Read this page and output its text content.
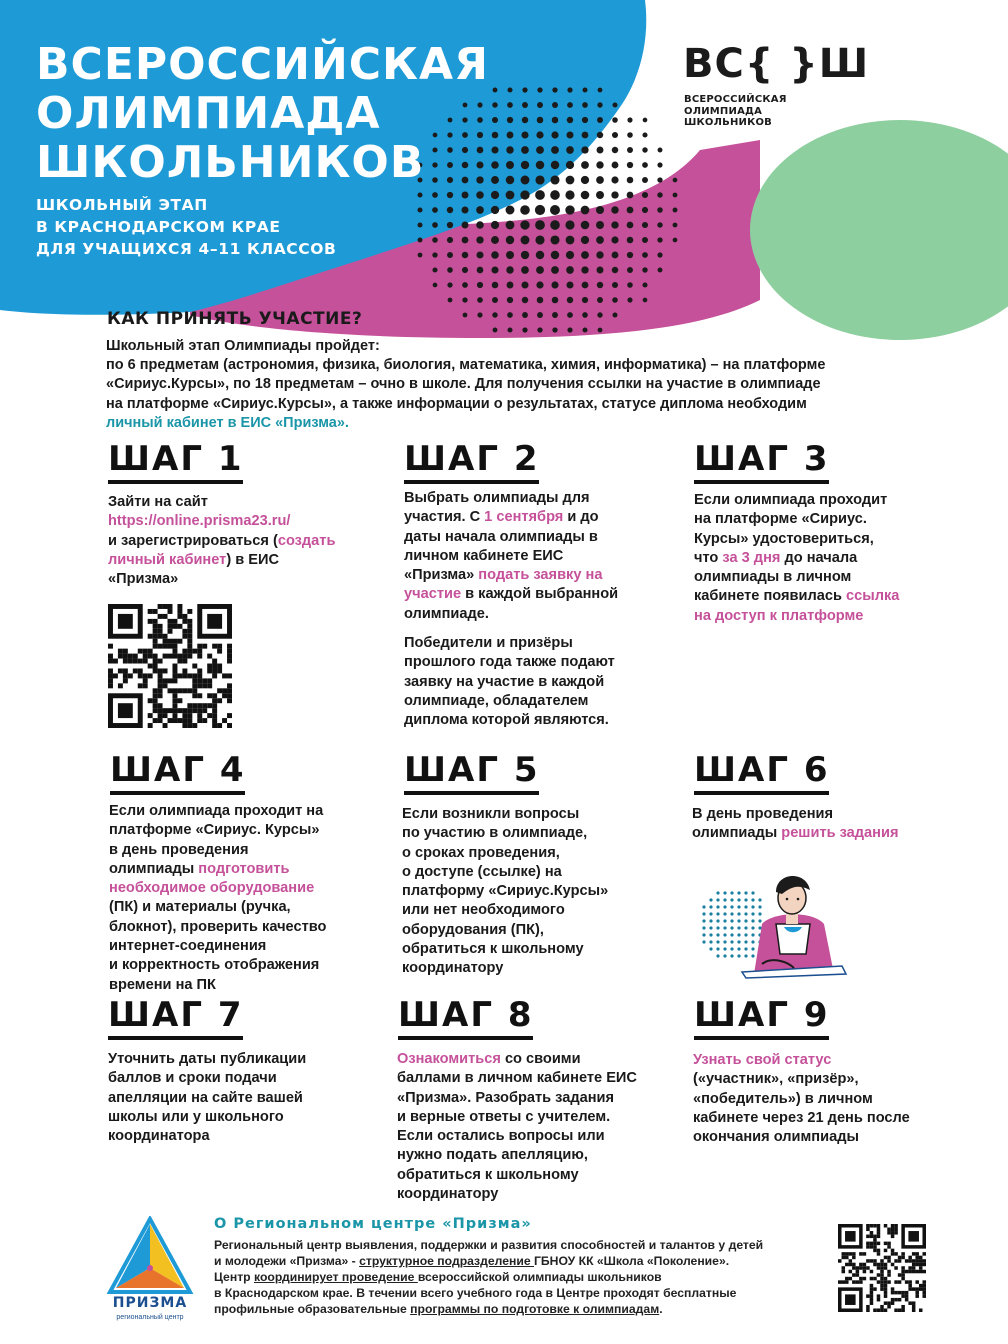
ВСЕРОССИЙСКАЯ
ОЛИМПИАДА
ШКОЛЬНИКОВ
ШКОЛЬНЫЙ ЭТАП
В КРАСНОДАРСКОМ КРАЕ
ДЛЯ УЧАЩИХСЯ 4–11 КЛАССОВ
ВС{ }Ш
ВСЕРОССИЙСКАЯ
ОЛИМПИАДА
ШКОЛЬНИКОВ
КАК ПРИНЯТЬ УЧАСТИЕ?
Школьный этап Олимпиады пройдет:
по 6 предметам (астрономия, физика, биология, математика, химия, информатика) – на платформе
«Сириус.Курсы», по 18 предметам – очно в школе. Для получения ссылки на участие в олимпиаде
на платформе «Сириус.Курсы», а также информации о результатах, статусе диплома необходим
личный кабинет в ЕИС «Призма».
ШАГ 1
Зайти на сайт
https://online.prisma23.ru/
и зарегистрироваться (создать
личный кабинет) в ЕИС
«Призма»
ШАГ 2
Выбрать олимпиады для
участия. С 1 сентября и до
даты начала олимпиады в
личном кабинете ЕИС
«Призма» подать заявку на
участие в каждой выбранной
олимпиаде.
Победители и призёры
прошлого года также подают
заявку на участие в каждой
олимпиаде, обладателем
диплома которой являются.
ШАГ 3
Если олимпиада проходит
на платформе «Сириус.
Курсы» удостовериться,
что за 3 дня до начала
олимпиады в личном
кабинете появилась ссылка
на доступ к платформе
ШАГ 4
Если олимпиада проходит на
платформе «Сириус. Курсы»
в день проведения
олимпиады подготовить
необходимое оборудование
(ПК) и материалы (ручка,
блокнот), проверить качество
интернет-соединения
и корректность отображения
времени на ПК
ШАГ 5
Если возникли вопросы
по участию в олимпиаде,
о сроках проведения,
о доступе (ссылке) на
платформу «Сириус.Курсы»
или нет необходимого
оборудования (ПК),
обратиться к школьному
координатору
ШАГ 6
В день проведения
олимпиады решить задания
ШАГ 7
Уточнить даты публикации
баллов и сроки подачи
апелляции на сайте вашей
школы или у школьного
координатора
ШАГ 8
Ознакомиться со своими
баллами в личном кабинете ЕИС
«Призма». Разобрать задания
и верные ответы с учителем.
Если остались вопросы или
нужно подать апелляцию,
обратиться к школьному
координатору
ШАГ 9
Узнать свой статус
(«участник», «призёр»,
«победитель») в личном
кабинете через 21 день после
окончания олимпиады
ПРИЗМА
региональный центр
О Региональном центре «Призма»
Региональный центр выявления, поддержки и развития способностей и талантов у детей
и молодежи «Призма» - структурное подразделение ГБНОУ КК «Школа «Поколение».
Центр координирует проведение всероссийской олимпиады школьников
в Краснодарском крае. В течении всего учебного года в Центре проходят бесплатные
профильные образовательные программы по подготовке к олимпиадам.
